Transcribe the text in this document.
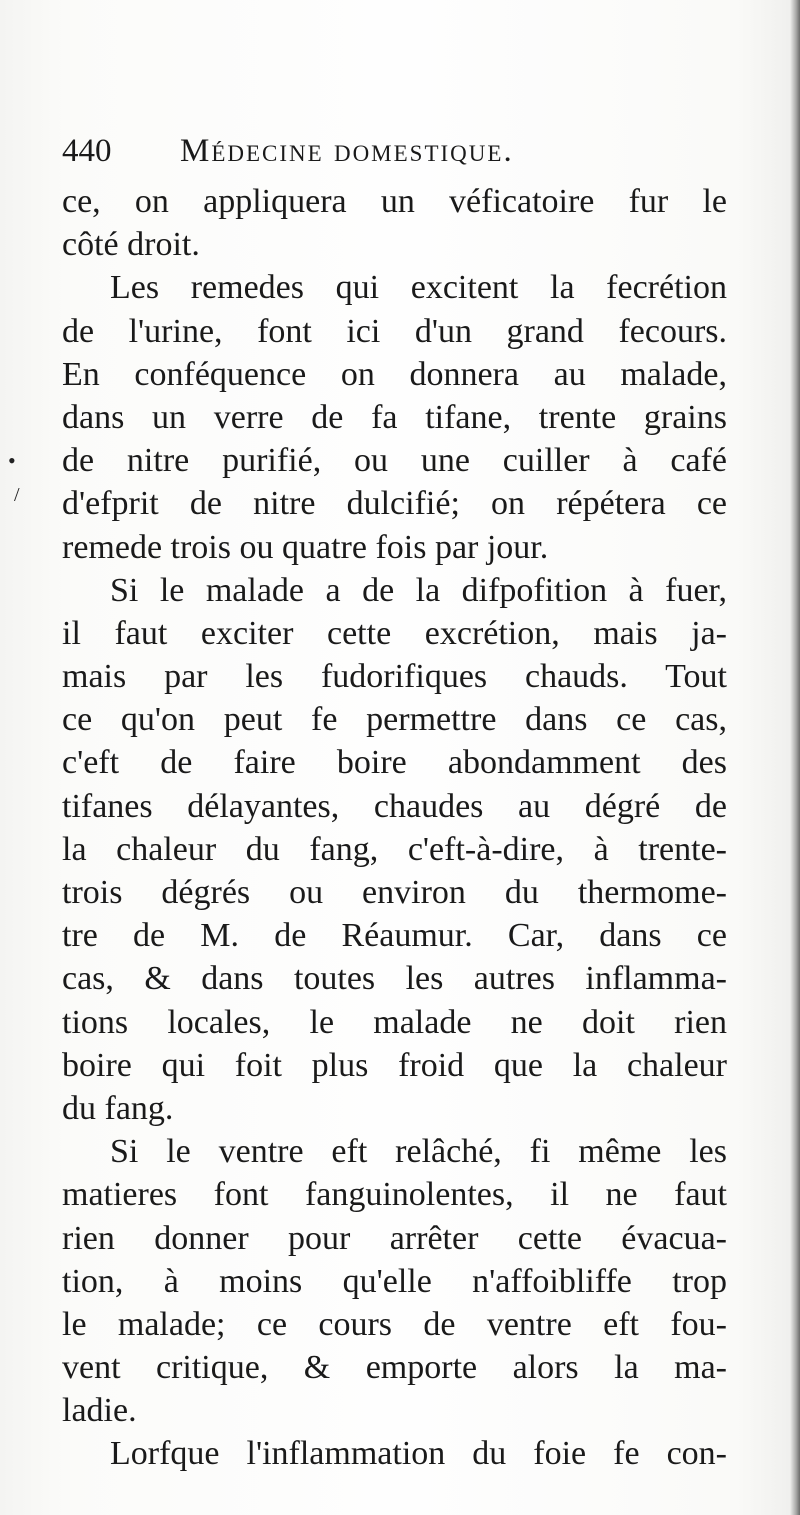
•
/
440 Médecine domestique.
ce, on appliquera un véficatoire fur le
côté droit.
Les remedes qui excitent la fecrétion
de l'urine, font ici d'un grand fecours.
En conféquence on donnera au malade,
dans un verre de fa tifane, trente grains
de nitre purifié, ou une cuiller à café
d'efprit de nitre dulcifié; on répétera ce
remede trois ou quatre fois par jour.
Si le malade a de la difpofition à fuer,
il faut exciter cette excrétion, mais ja-
mais par les fudorifiques chauds. Tout
ce qu'on peut fe permettre dans ce cas,
c'eft de faire boire abondamment des
tifanes délayantes, chaudes au dégré de
la chaleur du fang, c'eft-à-dire, à trente-
trois dégrés ou environ du thermome-
tre de M. de Réaumur. Car, dans ce
cas, & dans toutes les autres inflamma-
tions locales, le malade ne doit rien
boire qui foit plus froid que la chaleur
du fang.
Si le ventre eft relâché, fi même les
matieres font fanguinolentes, il ne faut
rien donner pour arrêter cette évacua-
tion, à moins qu'elle n'affoibliffe trop
le malade; ce cours de ventre eft fou-
vent critique, & emporte alors la ma-
ladie.
Lorfque l'inflammation du foie fe con-
